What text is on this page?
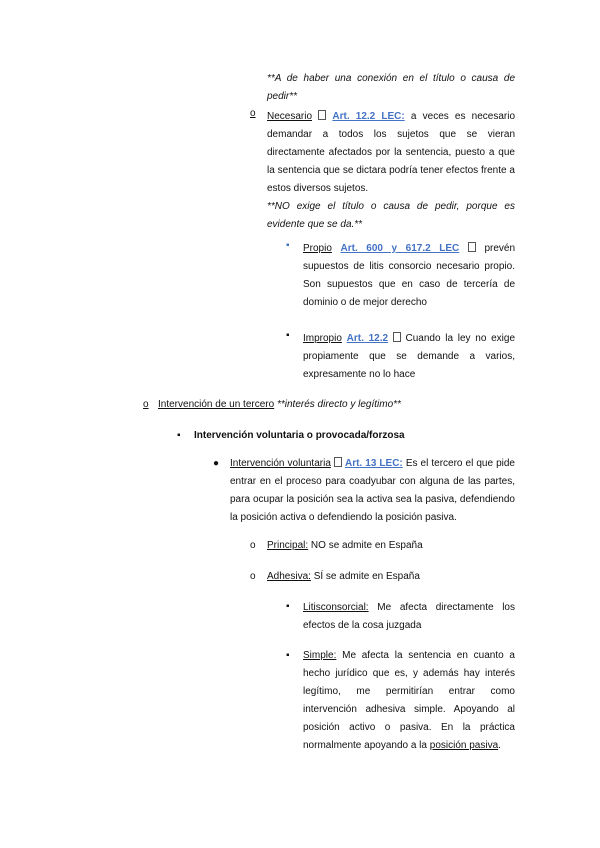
**A de haber una conexión en el título o causa de pedir**
o Necesario Art. 12.2 LEC: a veces es necesario demandar a todos los sujetos que se vieran directamente afectados por la sentencia, puesto a que la sentencia que se dictara podría tener efectos frente a estos diversos sujetos.
**NO exige el título o causa de pedir, porque es evidente que se da.**
▪ Propio Art. 600 y 617.2 LEC	prevén supuestos de litis consorcio necesario propio. Son supuestos que en caso de tercería de dominio o de mejor derecho
▪ Impropio Art. 12.2 Cuando la ley no exige propiamente que se demande a varios, expresamente no lo hace
o Intervención de un tercero **interés directo y legítimo**
▪ Intervención voluntaria o provocada/forzosa
● Intervención voluntaria Art. 13 LEC: Es el tercero el que pide entrar en el proceso para coadyubar con alguna de las partes, para ocupar la posición sea la activa sea la pasiva, defendiendo la posición activa o defendiendo la posición pasiva.
o Principal: NO se admite en España
o Adhesiva: SÍ se admite en España
▪ Litisconsorcial: Me afecta directamente los efectos de la cosa juzgada
▪ Simple: Me afecta la sentencia en cuanto a hecho jurídico que es, y además hay interés legítimo, me permitirían entrar como intervención adhesiva simple. Apoyando al posición activo o pasiva. En la práctica normalmente apoyando a la posición pasiva.
